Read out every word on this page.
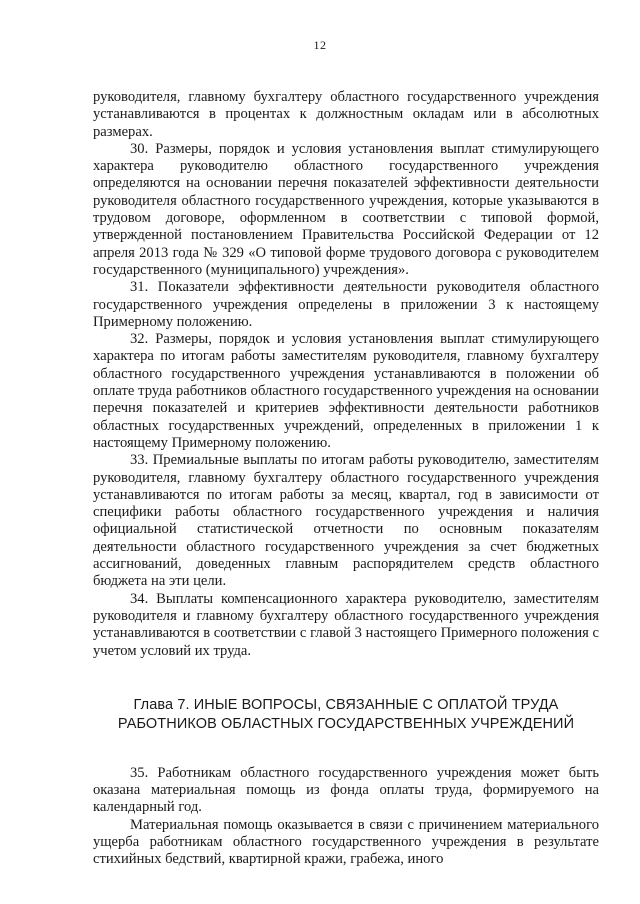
12

руководителя, главному бухгалтеру областного государственного учреждения устанавливаются в процентах к должностным окладам или в абсолютных размерах.

30. Размеры, порядок и условия установления выплат стимулирующего характера руководителю областного государственного учреждения определяются на основании перечня показателей эффективности деятельности руководителя областного государственного учреждения, которые указываются в трудовом договоре, оформленном в соответствии с типовой формой, утвержденной постановлением Правительства Российской Федерации от 12 апреля 2013 года № 329 «О типовой форме трудового договора с руководителем государственного (муниципального) учреждения».

31. Показатели эффективности деятельности руководителя областного государственного учреждения определены в приложении 3 к настоящему Примерному положению.

32. Размеры, порядок и условия установления выплат стимулирующего характера по итогам работы заместителям руководителя, главному бухгалтеру областного государственного учреждения устанавливаются в положении об оплате труда работников областного государственного учреждения на основании перечня показателей и критериев эффективности деятельности работников областных государственных учреждений, определенных в приложении 1 к настоящему Примерному положению.

33. Премиальные выплаты по итогам работы руководителю, заместителям руководителя, главному бухгалтеру областного государственного учреждения устанавливаются по итогам работы за месяц, квартал, год в зависимости от специфики работы областного государственного учреждения и наличия официальной статистической отчетности по основным показателям деятельности областного государственного учреждения за счет бюджетных ассигнований, доведенных главным распорядителем средств областного бюджета на эти цели.

34. Выплаты компенсационного характера руководителю, заместителям руководителя и главному бухгалтеру областного государственного учреждения устанавливаются в соответствии с главой 3 настоящего Примерного положения с учетом условий их труда.

Глава 7. ИНЫЕ ВОПРОСЫ, СВЯЗАННЫЕ С ОПЛАТОЙ ТРУДА
РАБОТНИКОВ ОБЛАСТНЫХ ГОСУДАРСТВЕННЫХ УЧРЕЖДЕНИЙ

35. Работникам областного государственного учреждения может быть оказана материальная помощь из фонда оплаты труда, формируемого на календарный год.

Материальная помощь оказывается в связи с причинением материального ущерба работникам областного государственного учреждения в результате стихийных бедствий, квартирной кражи, грабежа, иного
